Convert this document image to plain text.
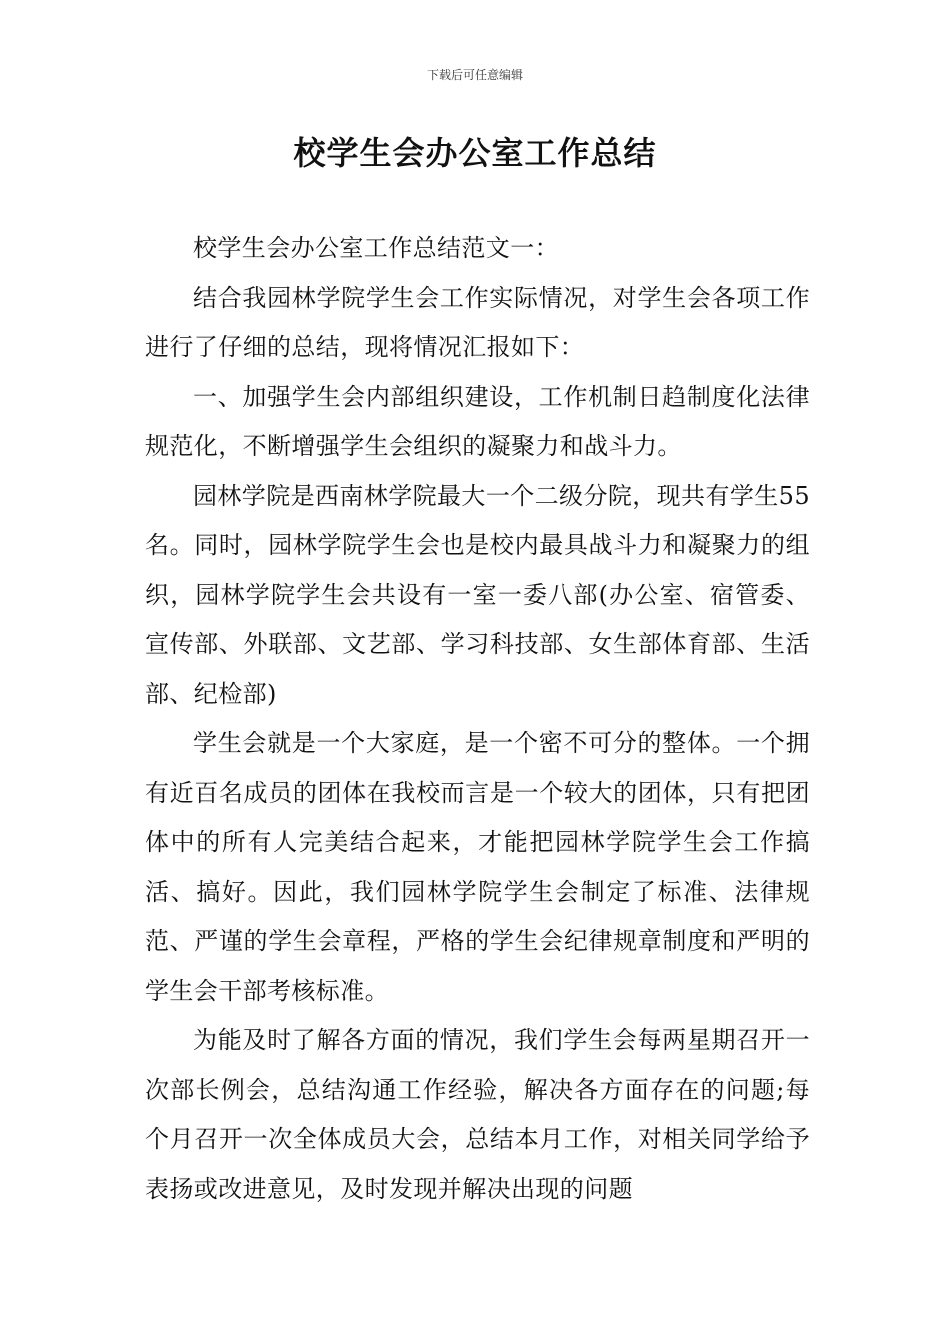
下载后可任意编辑
校学生会办公室工作总结

校学生会办公室工作总结范文一：

结合我园林学院学生会工作实际情况，对学生会各项工作进行了仔细的总结，现将情况汇报如下：

一、加强学生会内部组织建设，工作机制日趋制度化法律规范化，不断增强学生会组织的凝聚力和战斗力。

园林学院是西南林学院最大一个二级分院，现共有学生55名。同时，园林学院学生会也是校内最具战斗力和凝聚力的组织，园林学院学生会共设有一室一委八部(办公室、宿管委、宣传部、外联部、文艺部、学习科技部、女生部体育部、生活部、纪检部)

学生会就是一个大家庭，是一个密不可分的整体。一个拥有近百名成员的团体在我校而言是一个较大的团体，只有把团体中的所有人完美结合起来，才能把园林学院学生会工作搞活、搞好。因此，我们园林学院学生会制定了标准、法律规范、严谨的学生会章程，严格的学生会纪律规章制度和严明的学生会干部考核标准。

为能及时了解各方面的情况，我们学生会每两星期召开一次部长例会，总结沟通工作经验，解决各方面存在的问题;每个月召开一次全体成员大会，总结本月工作，对相关同学给予表扬或改进意见，及时发现并解决出现的问题
